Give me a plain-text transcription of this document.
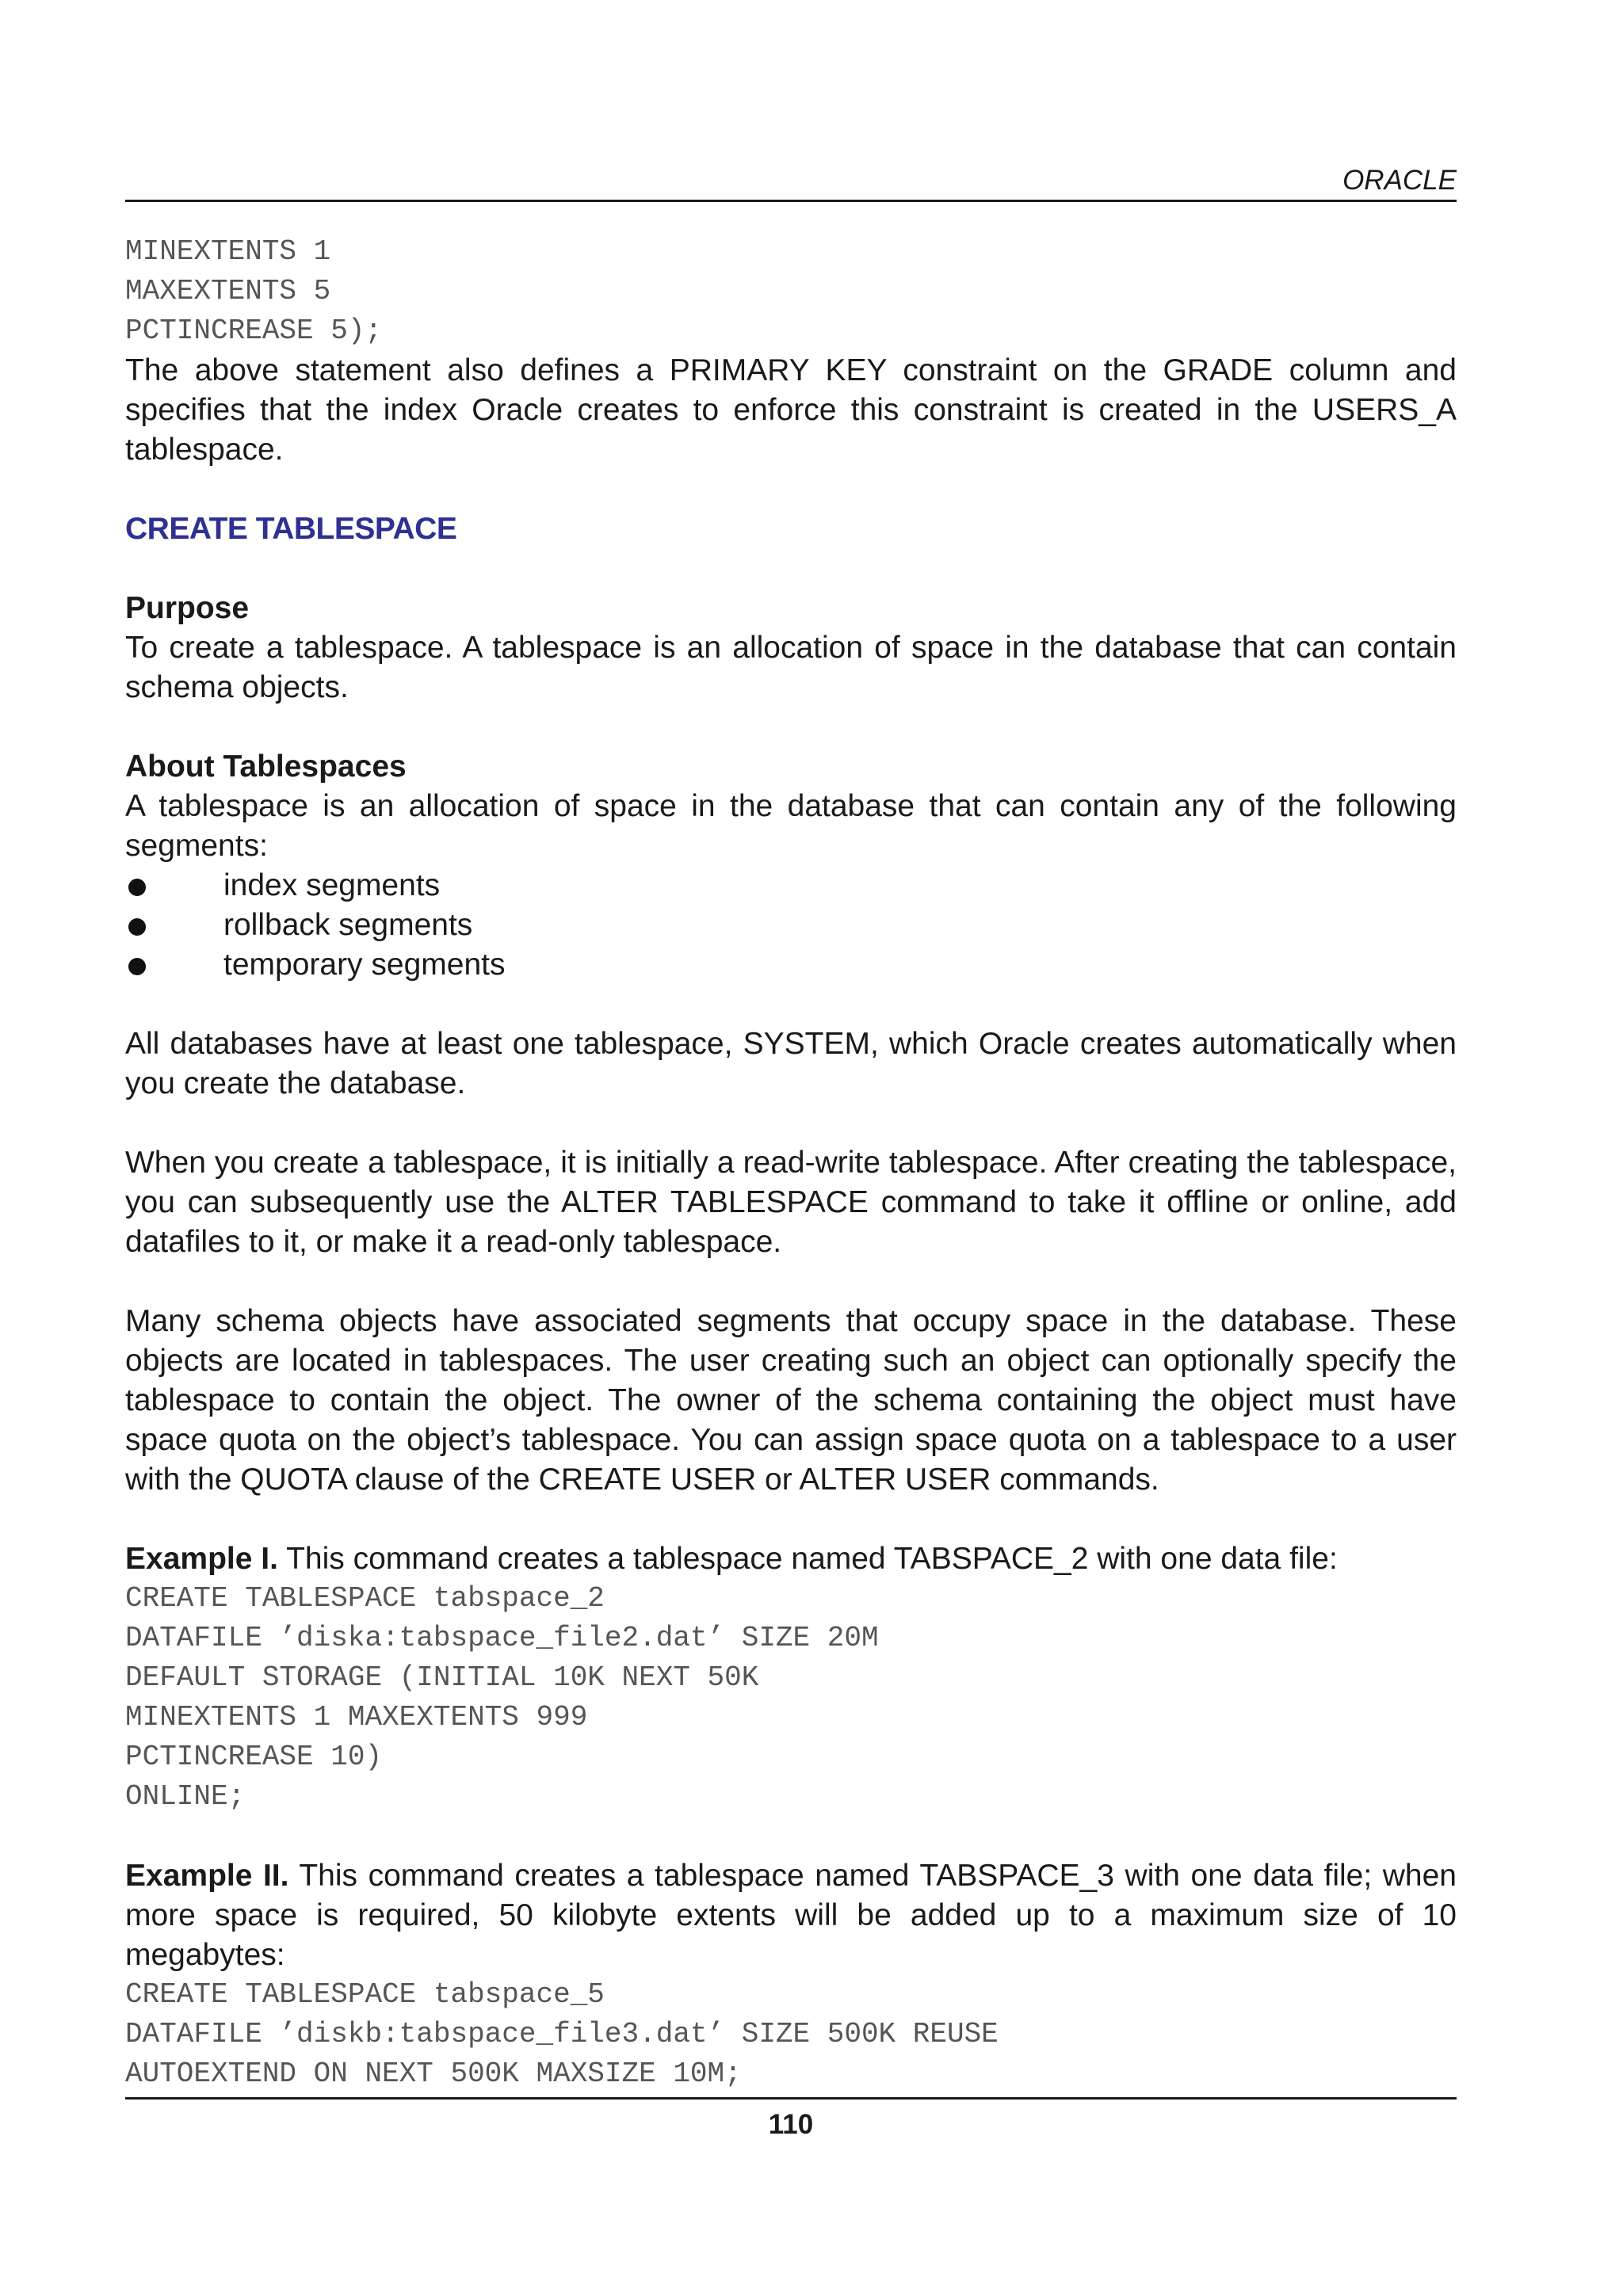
ORACLE

MINEXTENTS 1

MAXEXTENTS 5

PCTINCREASE 5);

The above statement also defines a PRIMARY KEY constraint on the GRADE column and specifies that the index Oracle creates to enforce this constraint is created in the USERS_A tablespace.

CREATE TABLESPACE

Purpose

To create a tablespace. A tablespace is an allocation of space in the database that can contain schema objects.

About Tablespaces

A tablespace is an allocation of space in the database that can contain any of the following segments:

index segments
rollback segments
temporary segments

All databases have at least one tablespace, SYSTEM, which Oracle creates automatically when you create the database.

When you create a tablespace, it is initially a read-write tablespace. After creating the tablespace, you can subsequently use the ALTER TABLESPACE command to take it offline or online, add datafiles to it, or make it a read-only tablespace.

Many schema objects have associated segments that occupy space in the database. These objects are located in tablespaces. The user creating such an object can optionally specify the tablespace to contain the object. The owner of the schema containing the object must have space quota on the object’s tablespace. You can assign space quota on a tablespace to a user with the QUOTA clause of the CREATE USER or ALTER USER commands.

Example I. This command creates a tablespace named TABSPACE_2 with one data file:

CREATE TABLESPACE tabspace_2

DATAFILE ’diska:tabspace_file2.dat’ SIZE 20M

DEFAULT STORAGE (INITIAL 10K NEXT 50K

MINEXTENTS 1 MAXEXTENTS 999

PCTINCREASE 10)

ONLINE;

Example II. This command creates a tablespace named TABSPACE_3 with one data file; when more space is required, 50 kilobyte extents will be added up to a maximum size of 10 megabytes:

CREATE TABLESPACE tabspace_5

DATAFILE ’diskb:tabspace_file3.dat’ SIZE 500K REUSE

AUTOEXTEND ON NEXT 500K MAXSIZE 10M;

110
